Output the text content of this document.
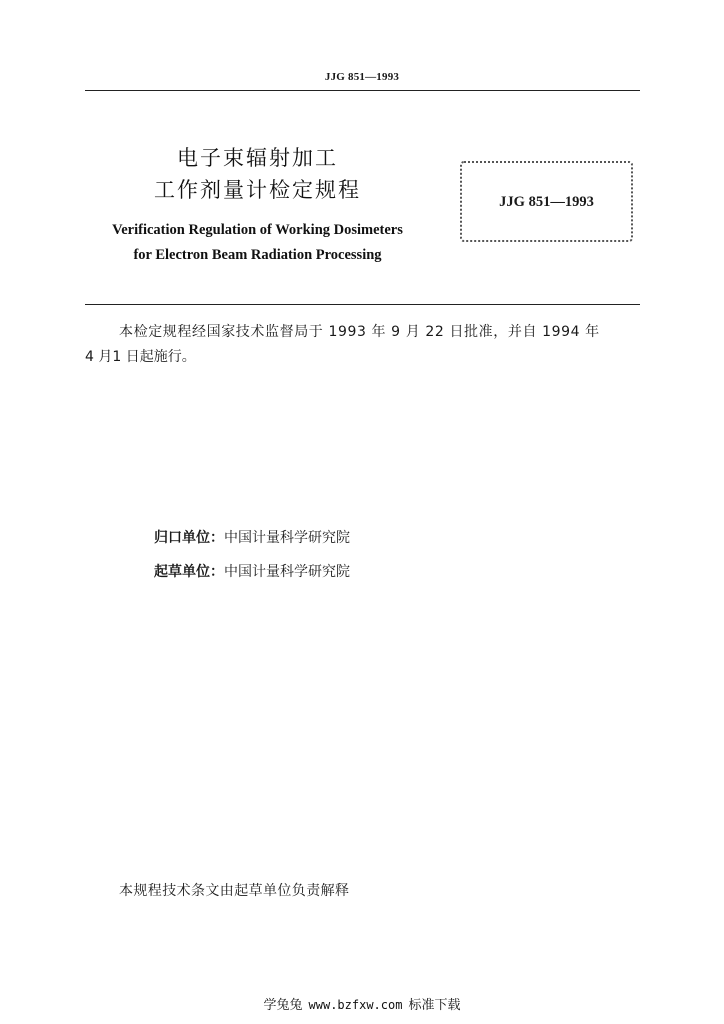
JJG 851—1993
电子束辐射加工
工作剂量计检定规程
Verification Regulation of Working Dosimeters
for Electron Beam Radiation Processing
JJG 851—1993
本检定规程经国家技术监督局于 1993 年 9 月 22 日批准，并自 1994 年
4 月1 日起施行。
归口单位：中国计量科学研究院
起草单位：中国计量科学研究院
本规程技术条文由起草单位负责解释
学兔兔 www.bzfxw.com 标准下载
